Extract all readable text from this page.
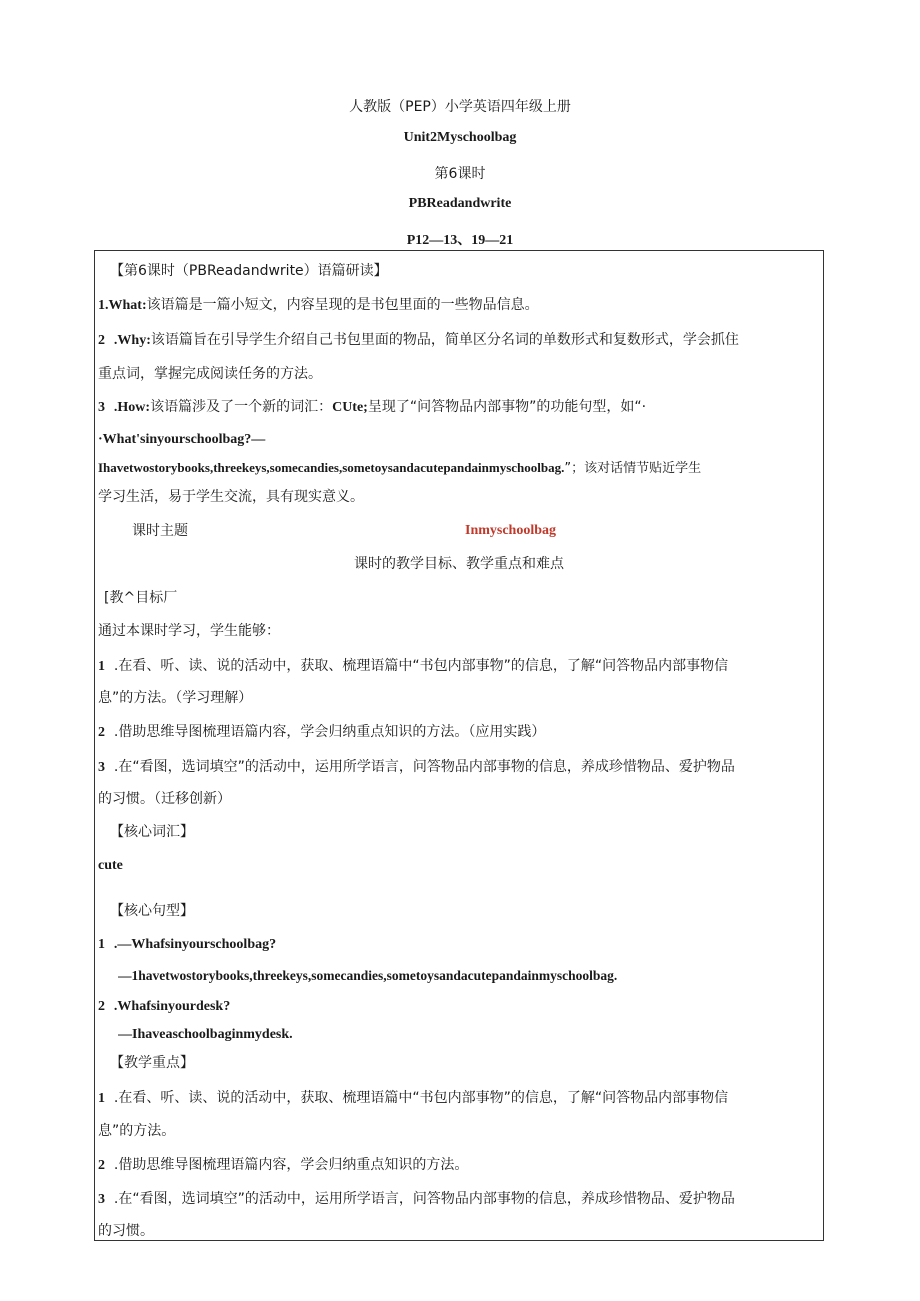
人教版（PEP）小学英语四年级上册
Unit2Myschoolbag
第6课时
PBReadandwrite
P12—13、19—21
【第6课时（PBReadandwrite）语篇研读】
1.What:该语篇是一篇小短文，内容呈现的是书包里面的一些物品信息。
2 .Why:该语篇旨在引导学生介绍自己书包里面的物品，简单区分名词的单数形式和复数形式，学会抓住
重点词，掌握完成阅读任务的方法。
3 .How:该语篇涉及了一个新的词汇：CUte;呈现了“问答物品内部事物”的功能句型，如“·
·What'sinyourschoolbag?—
Ihavetwostorybooks,threekeys,somecandies,sometoysandacutepandainmyschoolbag.”；该对话情节贴近学生
学习生活，易于学生交流，具有现实意义。
课时主题	Inmyschoolbag
课时的教学目标、教学重点和难点
[教^目标厂
通过本课时学习，学生能够：
1 .在看、听、读、说的活动中，获取、梳理语篇中“书包内部事物”的信息，了解“问答物品内部事物信
息”的方法。（学习理解）
2 .借助思维导图梳理语篇内容，学会归纳重点知识的方法。（应用实践）
3 .在“看图，选词填空”的活动中，运用所学语言，问答物品内部事物的信息，养成珍惜物品、爱护物品
的习惯。（迁移创新）
【核心词汇】
cute
【核心句型】
1 .—Whafsinyourschoolbag?
—1havetwostorybooks,threekeys,somecandies,sometoysandacutepandainmyschoolbag.
2 .Whafsinyourdesk?
—Ihaveaschoolbaginmydesk.
【教学重点】
1 .在看、听、读、说的活动中，获取、梳理语篇中“书包内部事物”的信息，了解“问答物品内部事物信
息”的方法。
2 .借助思维导图梳理语篇内容，学会归纳重点知识的方法。
3 .在“看图，选词填空”的活动中，运用所学语言，问答物品内部事物的信息，养成珍惜物品、爱护物品
的习惯。
